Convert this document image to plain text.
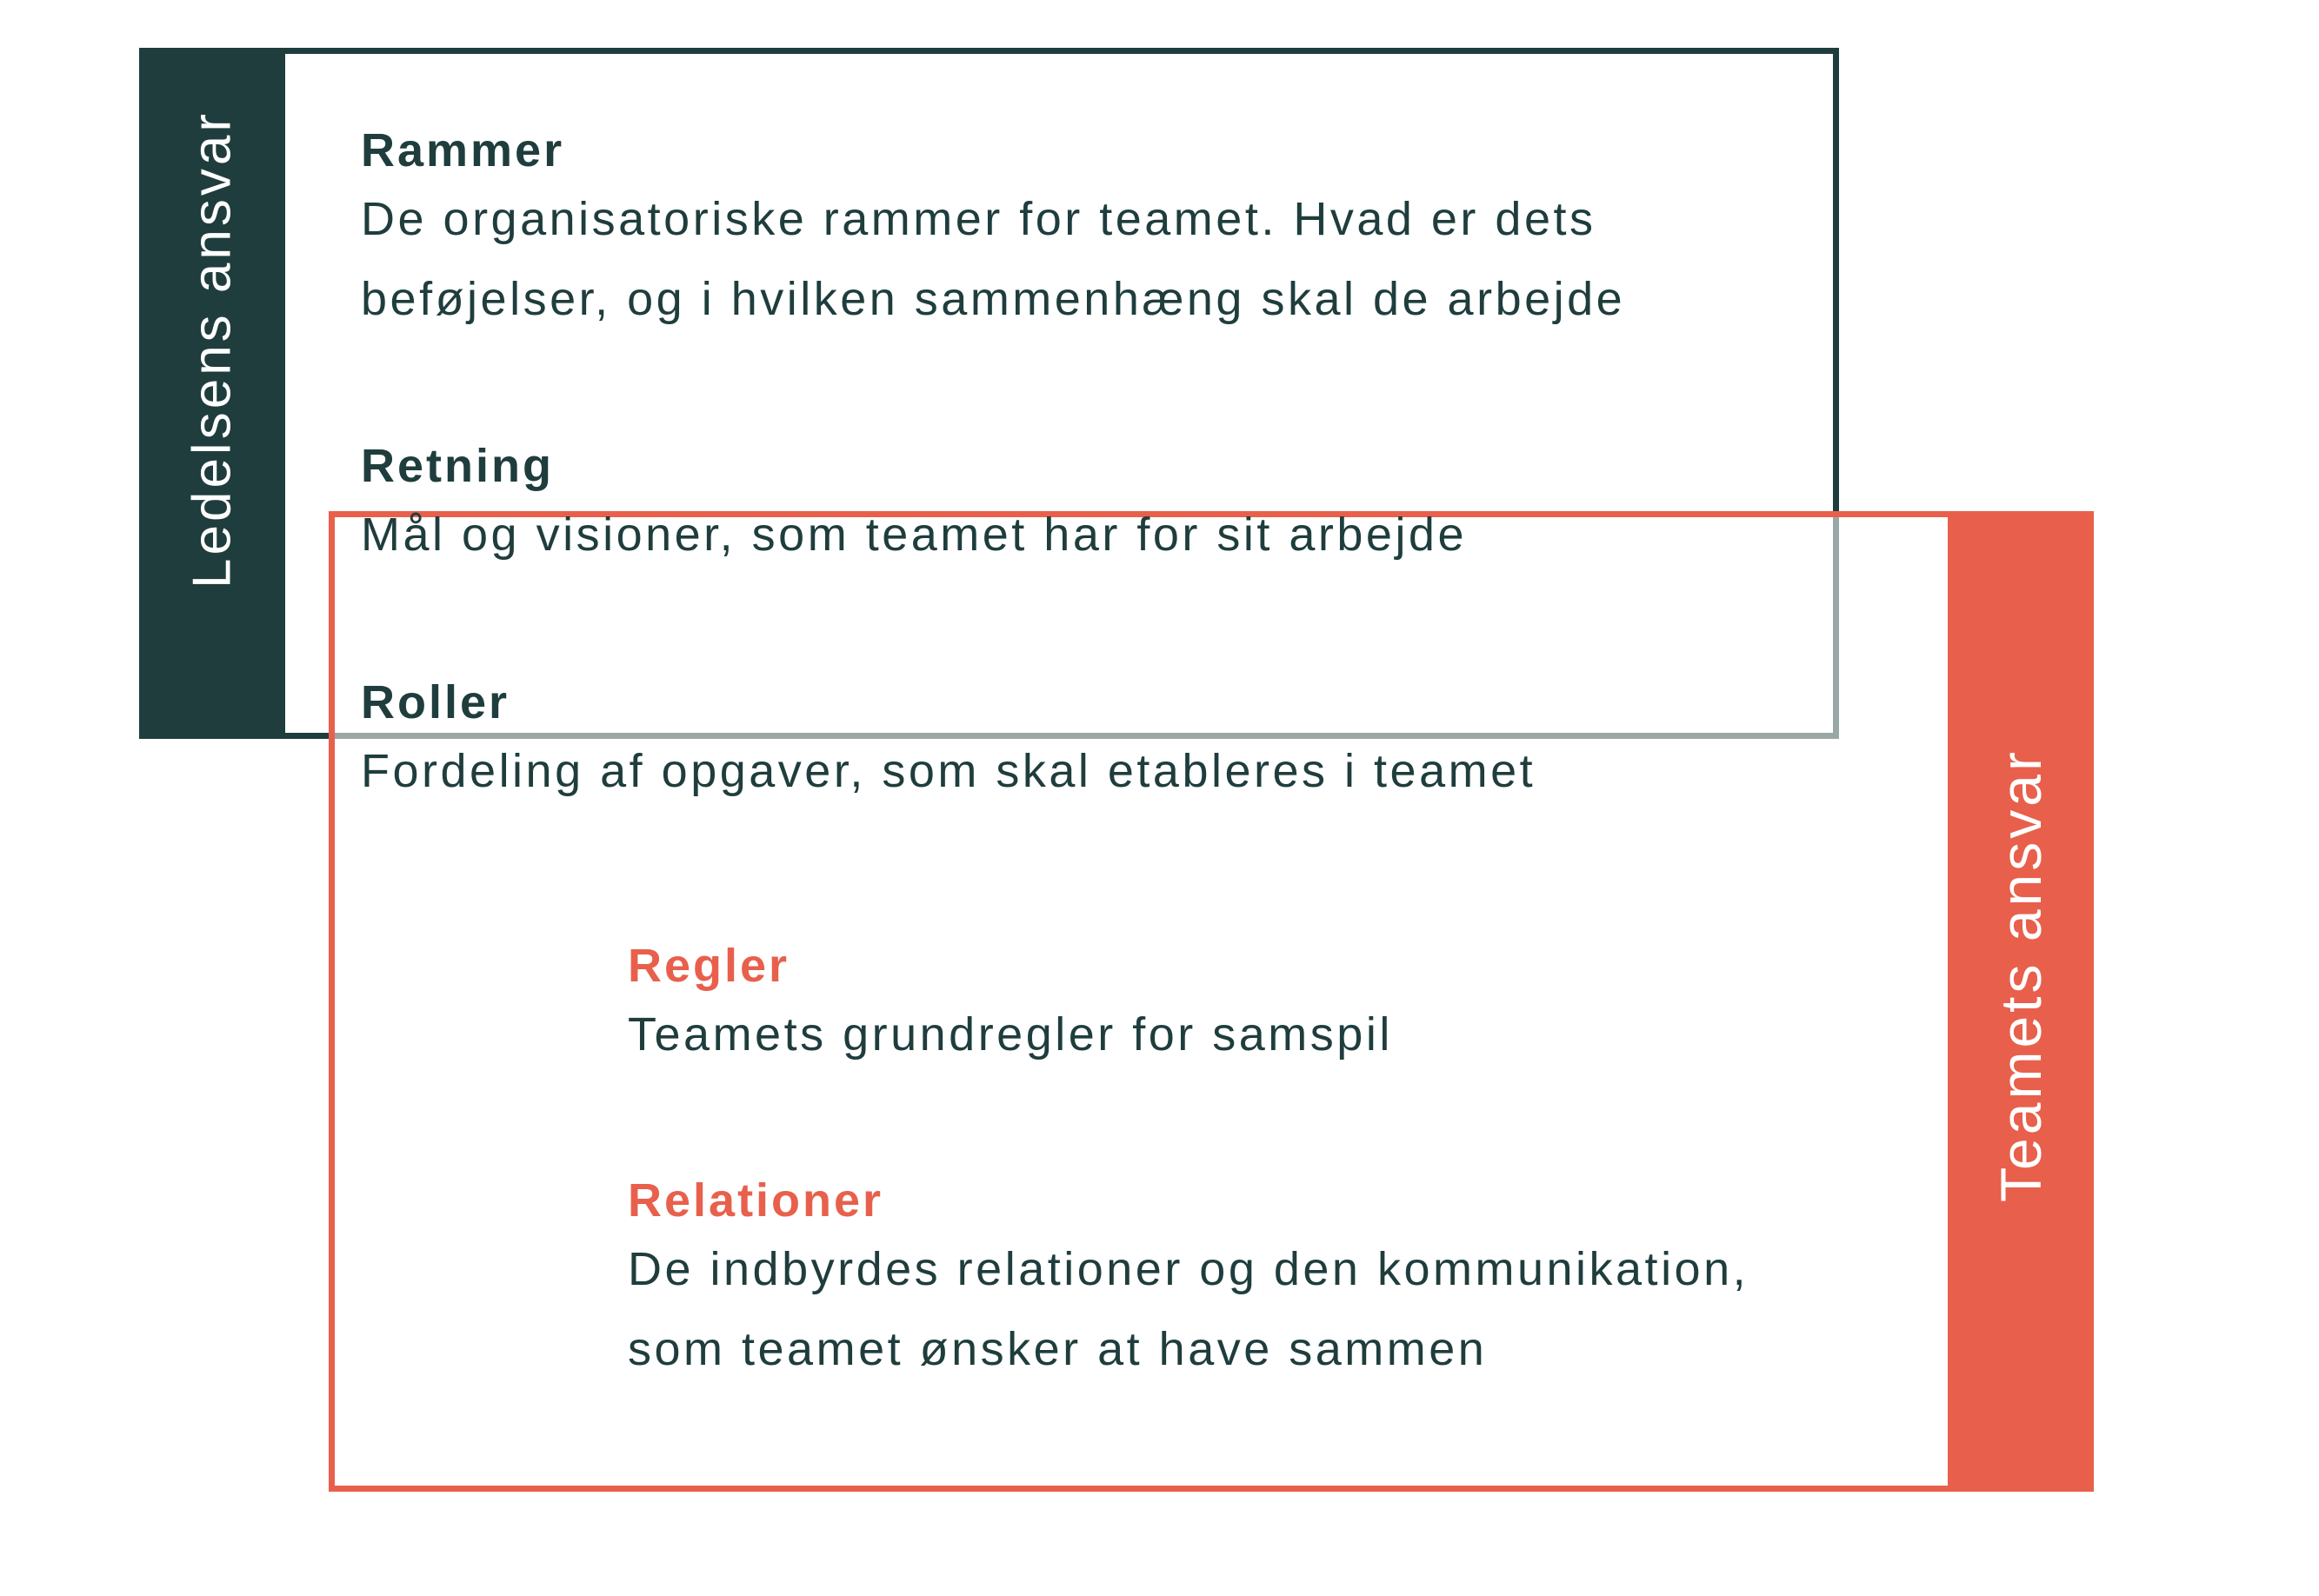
Ledelsens ansvar
Teamets ansvar
Rammer
De organisatoriske rammer for teamet. Hvad er dets
beføjelser, og i hvilken sammenhæng skal de arbejde
Retning
Mål og visioner, som teamet har for sit arbejde
Roller
Fordeling af opgaver, som skal etableres i teamet
Regler
Teamets grundregler for samspil
Relationer
De indbyrdes relationer og den kommunikation,
som teamet ønsker at have sammen
